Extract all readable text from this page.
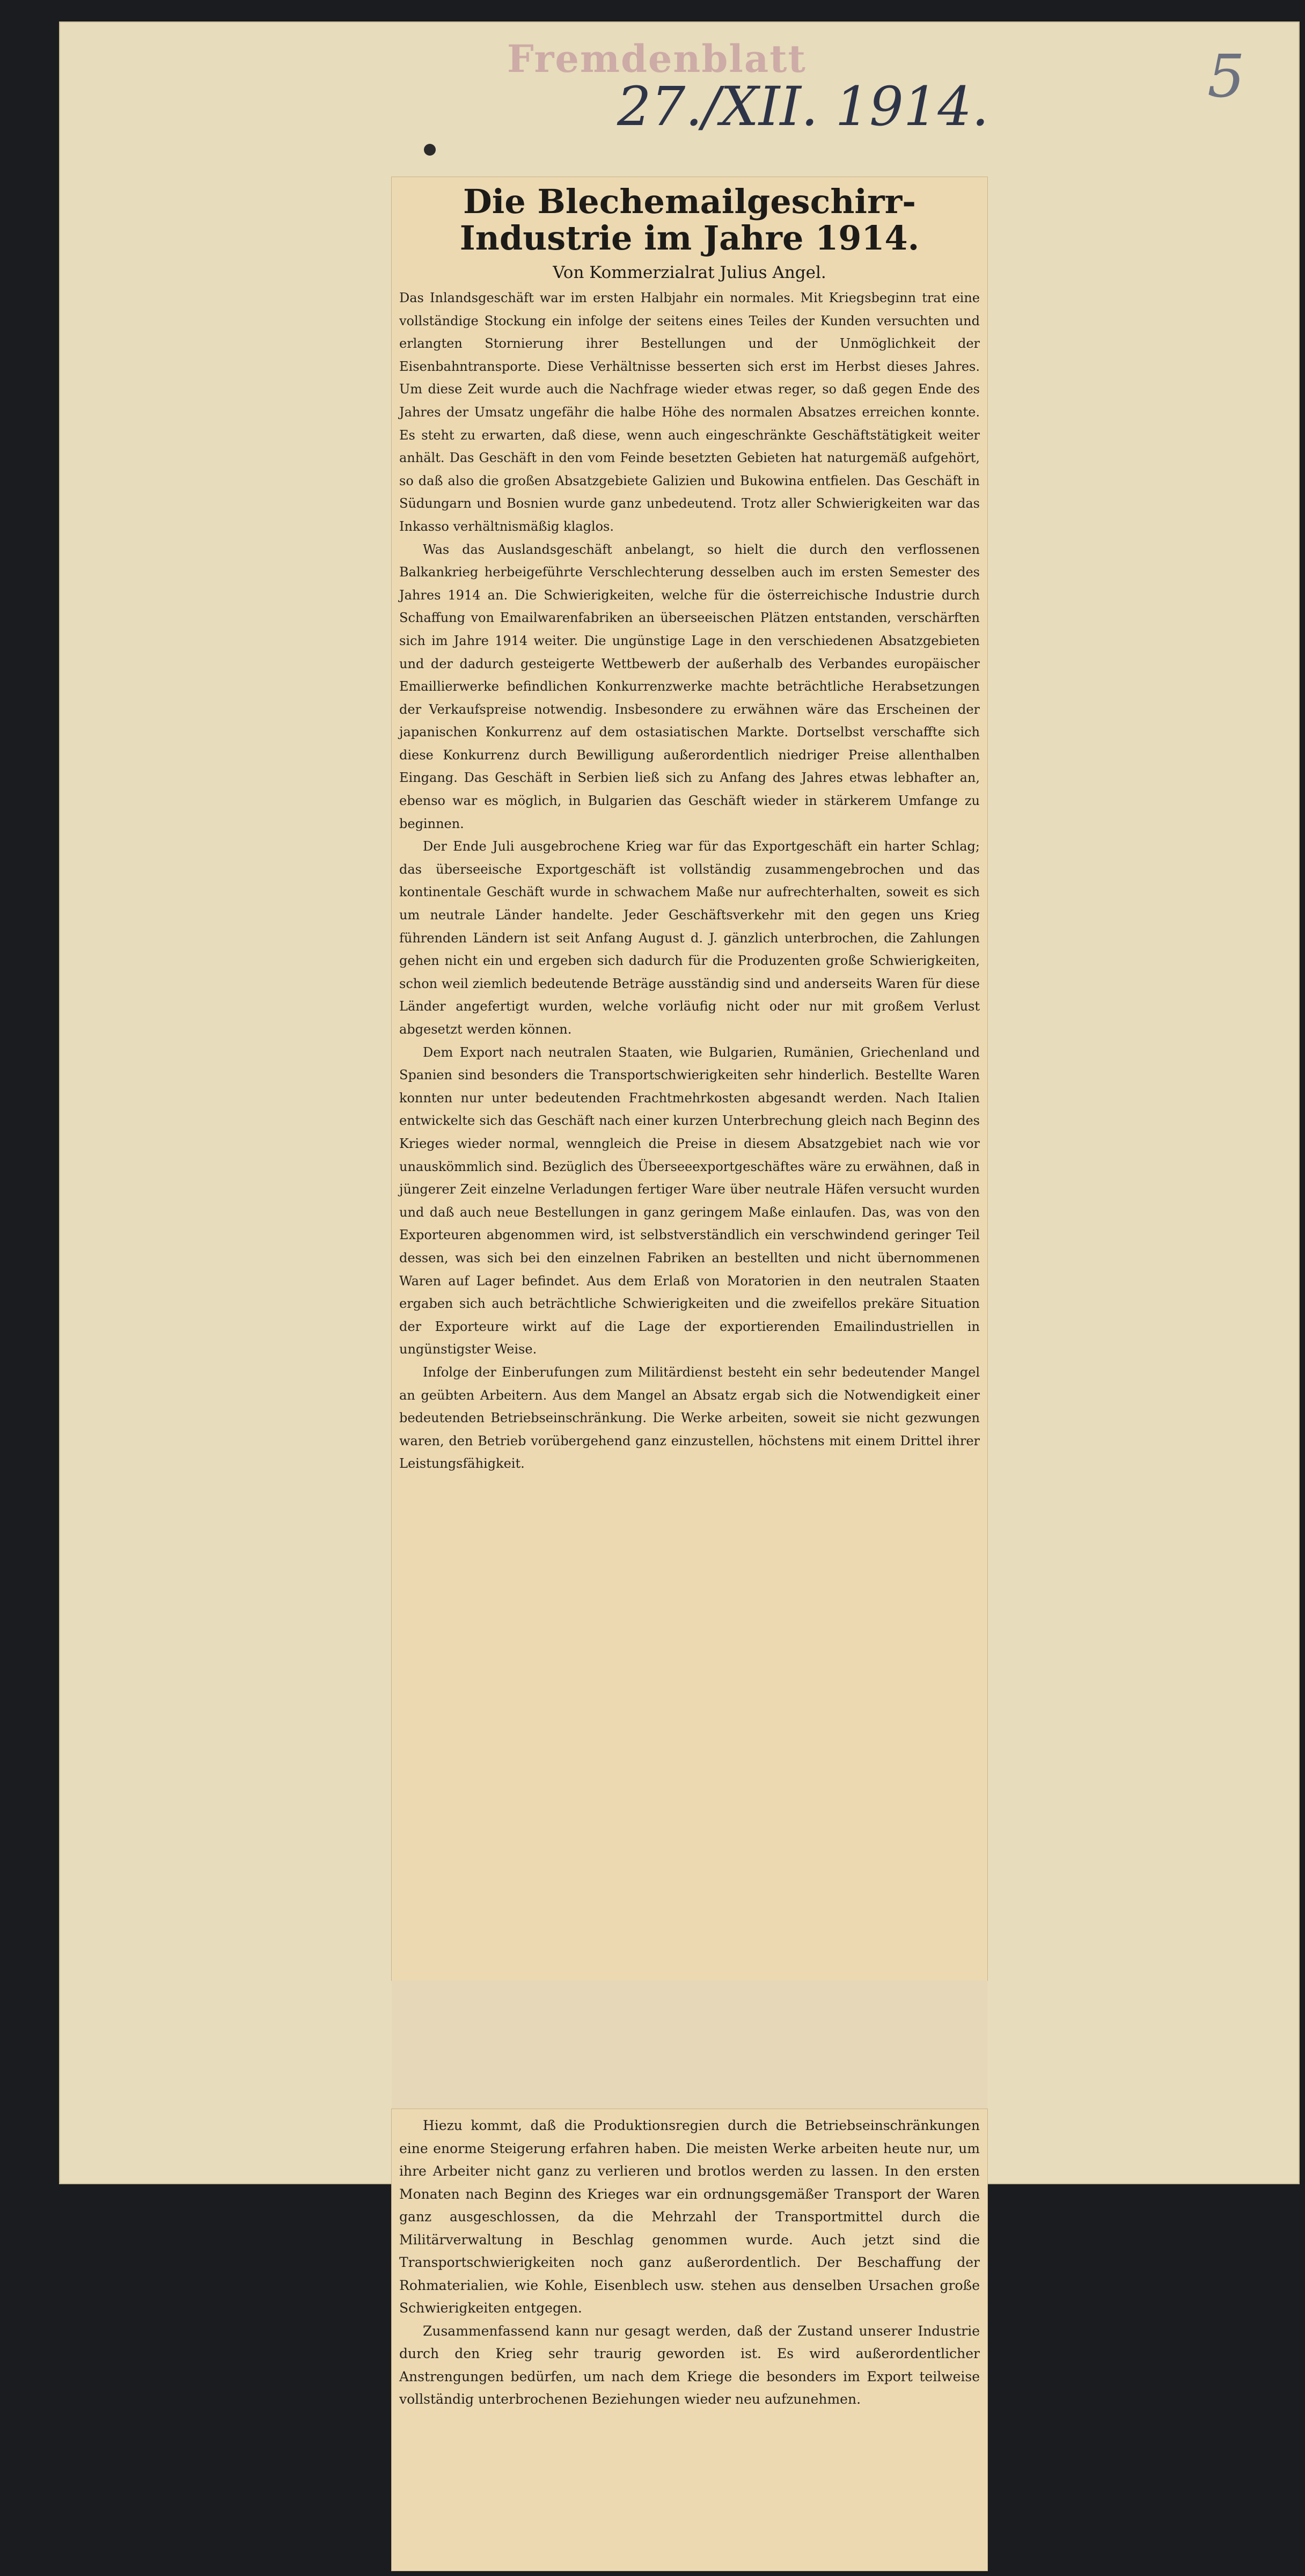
Fremdenblatt
27./XII. 1914.	5
Die Blechemailgeschirr-Industrie im Jahre 1914.
Von Kommerzialrat Julius Angel.

Das Inlandsgeschäft war im ersten Halbjahr ein normales. Mit Kriegsbeginn trat eine vollständige Stockung ein infolge der seitens eines Teiles der Kunden versuchten und erlangten Stornierung ihrer Bestellungen und der Unmöglichkeit der Eisenbahntransporte. Diese Verhältnisse besserten sich erst im Herbst dieses Jahres. Um diese Zeit wurde auch die Nachfrage wieder etwas reger, so daß gegen Ende des Jahres der Umsatz ungefähr die halbe Höhe des normalen Absatzes erreichen konnte. Es steht zu erwarten, daß diese, wenn auch eingeschränkte Geschäftstätigkeit weiter anhält. Das Geschäft in den vom Feinde besetzten Gebieten hat naturgemäß aufgehört, so daß also die großen Absatzgebiete Galizien und Bukowina entfielen. Das Geschäft in Südungarn und Bosnien wurde ganz unbedeutend. Trotz aller Schwierigkeiten war das Inkasso verhältnismäßig klaglos.

Was das Auslandsgeschäft anbelangt, so hielt die durch den verflossenen Balkankrieg herbeigeführte Verschlechterung desselben auch im ersten Semester des Jahres 1914 an. Die Schwierigkeiten, welche für die österreichische Industrie durch Schaffung von Emailwarenfabriken an überseeischen Plätzen entstanden, verschärften sich im Jahre 1914 weiter. Die ungünstige Lage in den verschiedenen Absatzgebieten und der dadurch gesteigerte Wettbewerb der außerhalb des Verbandes europäischer Emaillierwerke befindlichen Konkurrenzwerke machte beträchtliche Herabsetzungen der Verkaufspreise notwendig. Insbesondere zu erwähnen wäre das Erscheinen der japanischen Konkurrenz auf dem ostasiatischen Markte. Dortselbst verschaffte sich diese Konkurrenz durch Bewilligung außerordentlich niedriger Preise allenthalben Eingang. Das Geschäft in Serbien ließ sich zu Anfang des Jahres etwas lebhafter an, ebenso war es möglich, in Bulgarien das Geschäft wieder in stärkerem Umfange zu beginnen.

Der Ende Juli ausgebrochene Krieg war für das Exportgeschäft ein harter Schlag; das überseeische Exportgeschäft ist vollständig zusammengebrochen und das kontinentale Geschäft wurde in schwachem Maße nur aufrechterhalten, soweit es sich um neutrale Länder handelte. Jeder Geschäftsverkehr mit den gegen uns Krieg führenden Ländern ist seit Anfang August d. J. gänzlich unterbrochen, die Zahlungen gehen nicht ein und ergeben sich dadurch für die Produzenten große Schwierigkeiten, schon weil ziemlich bedeutende Beträge ausständig sind und anderseits Waren für diese Länder angefertigt wurden, welche vorläufig nicht oder nur mit großem Verlust abgesetzt werden können.

Dem Export nach neutralen Staaten, wie Bulgarien, Rumänien, Griechenland und Spanien sind besonders die Transportschwierigkeiten sehr hinderlich. Bestellte Waren konnten nur unter bedeutenden Frachtmehrkosten abgesandt werden. Nach Italien entwickelte sich das Geschäft nach einer kurzen Unterbrechung gleich nach Beginn des Krieges wieder normal, wenngleich die Preise in diesem Absatzgebiet nach wie vor unauskömmlich sind. Bezüglich des Überseeexportgeschäftes wäre zu erwähnen, daß in jüngerer Zeit einzelne Verladungen fertiger Ware über neutrale Häfen versucht wurden und daß auch neue Bestellungen in ganz geringem Maße einlaufen. Das, was von den Exporteuren abgenommen wird, ist selbstverständlich ein verschwindend geringer Teil dessen, was sich bei den einzelnen Fabriken an bestellten und nicht übernommenen Waren auf Lager befindet. Aus dem Erlaß von Moratorien in den neutralen Staaten ergaben sich auch beträchtliche Schwierigkeiten und die zweifellos prekäre Situation der Exporteure wirkt auf die Lage der exportierenden Emailindustriellen in ungünstigster Weise.

Infolge der Einberufungen zum Militärdienst besteht ein sehr bedeutender Mangel an geübten Arbeitern. Aus dem Mangel an Absatz ergab sich die Notwendigkeit einer bedeutenden Betriebseinschränkung. Die Werke arbeiten, soweit sie nicht gezwungen waren, den Betrieb vorübergehend ganz einzustellen, höchstens mit einem Drittel ihrer Leistungsfähigkeit.

Hiezu kommt, daß die Produktionsregien durch die Betriebseinschränkungen eine enorme Steigerung erfahren haben. Die meisten Werke arbeiten heute nur, um ihre Arbeiter nicht ganz zu verlieren und brotlos werden zu lassen. In den ersten Monaten nach Beginn des Krieges war ein ordnungsgemäßer Transport der Waren ganz ausgeschlossen, da die Mehrzahl der Transportmittel durch die Militärverwaltung in Beschlag genommen wurde. Auch jetzt sind die Transportschwierigkeiten noch ganz außerordentlich. Der Beschaffung der Rohmaterialien, wie Kohle, Eisenblech usw. stehen aus denselben Ursachen große Schwierigkeiten entgegen.

Zusammenfassend kann nur gesagt werden, daß der Zustand unserer Industrie durch den Krieg sehr traurig geworden ist. Es wird außerordentlicher Anstrengungen bedürfen, um nach dem Kriege die besonders im Export teilweise vollständig unterbrochenen Beziehungen wieder neu aufzunehmen.
